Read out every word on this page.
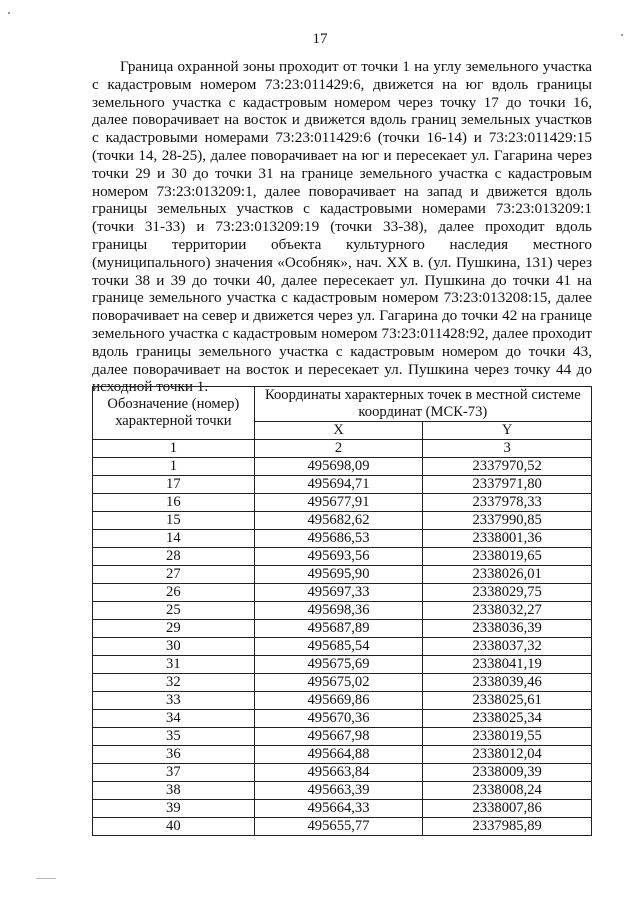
17

Граница охранной зоны проходит от точки 1 на углу земельного участка с кадастровым номером 73:23:011429:6, движется на юг вдоль границы земельного участка с кадастровым номером через точку 17 до точки 16, далее поворачивает на восток и движется вдоль границ земельных участков с кадастровыми номерами 73:23:011429:6 (точки 16-14) и 73:23:011429:15 (точки 14, 28-25), далее поворачивает на юг и пересекает ул. Гагарина через точки 29 и 30 до точки 31 на границе земельного участка с кадастровым номером 73:23:013209:1, далее поворачивает на запад и движется вдоль границы земельных участков с кадастровыми номерами 73:23:013209:1 (точки 31-33) и 73:23:013209:19 (точки 33-38), далее проходит вдоль границы территории объекта культурного наследия местного (муниципального) значения «Особняк», нач. XX в. (ул. Пушкина, 131) через точки 38 и 39 до точки 40, далее пересекает ул. Пушкина до точки 41 на границе земельного участка с кадастровым номером 73:23:013208:15, далее поворачивает на север и движется через ул. Гагарина до точки 42 на границе земельного участка с кадастровым номером 73:23:011428:92, далее проходит вдоль границы земельного участка с кадастровым номером до точки 43, далее поворачивает на восток и пересекает ул. Пушкина через точку 44 до исходной точки 1.

Обозначение (номер) характерной точки	Координаты характерных точек в местной системе координат (МСК-73)	
	X	Y
1	2	3
1	495698,09	2337970,52
17	495694,71	2337971,80
16	495677,91	2337978,33
15	495682,62	2337990,85
14	495686,53	2338001,36
28	495693,56	2338019,65
27	495695,90	2338026,01
26	495697,33	2338029,75
25	495698,36	2338032,27
29	495687,89	2338036,39
30	495685,54	2338037,32
31	495675,69	2338041,19
32	495675,02	2338039,46
33	495669,86	2338025,61
34	495670,36	2338025,34
35	495667,98	2338019,55
36	495664,88	2338012,04
37	495663,84	2338009,39
38	495663,39	2338008,24
39	495664,33	2338007,86
40	495655,77	2337985,89
